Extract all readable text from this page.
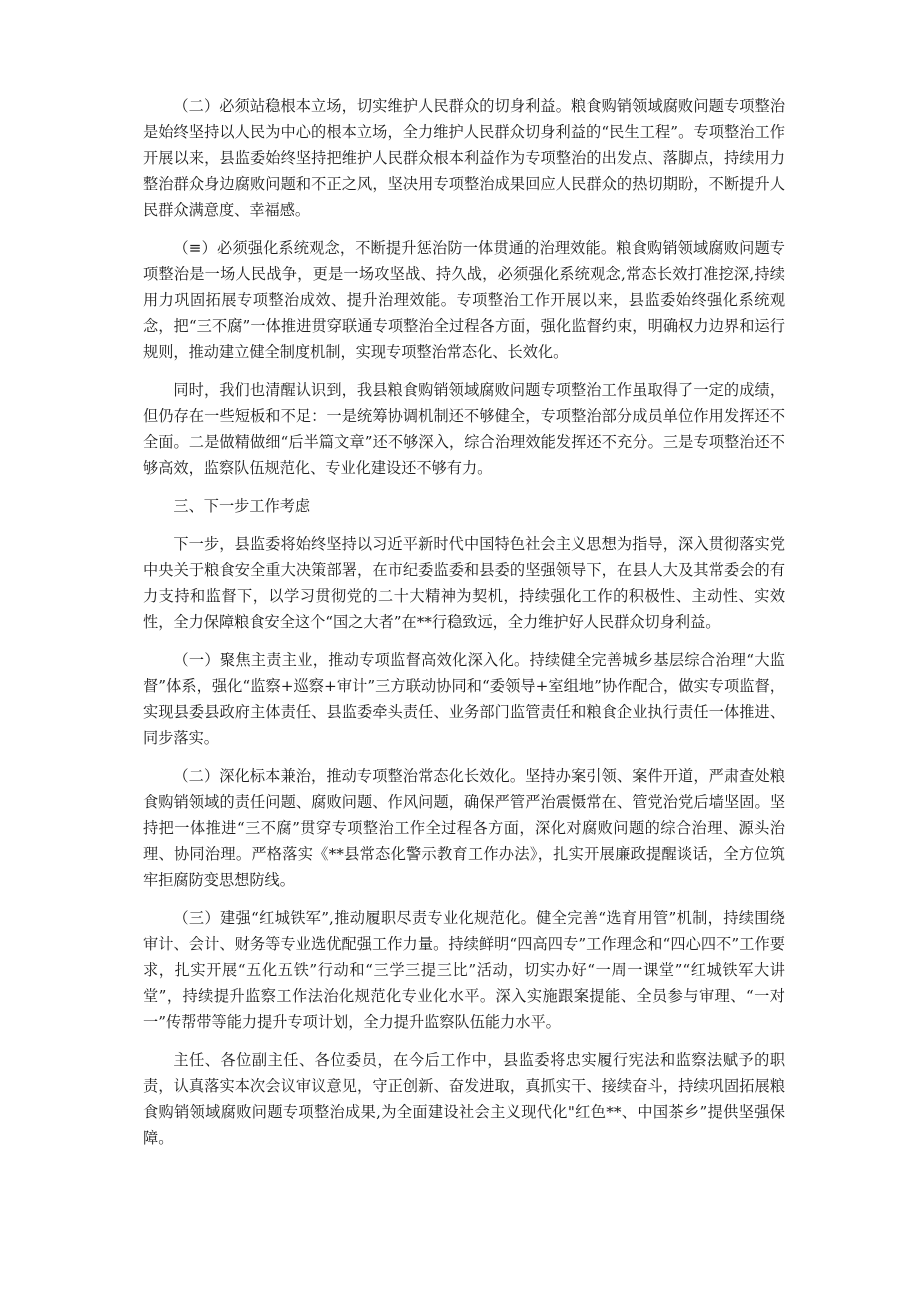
（二）必须站稳根本立场，切实维护人民群众的切身利益。粮食购销领域腐败问题专项整治是始终坚持以人民为中心的根本立场，全力维护人民群众切身利益的“民生工程”。专项整治工作开展以来，县监委始终坚持把维护人民群众根本利益作为专项整治的出发点、落脚点，持续用力整治群众身边腐败问题和不正之风，坚决用专项整治成果回应人民群众的热切期盼，不断提升人民群众满意度、幸福感。

（≡）必须强化系统观念，不断提升惩治防一体贯通的治理效能。粮食购销领域腐败问题专项整治是一场人民战争，更是一场攻坚战、持久战，必须强化系统观念,常态长效打准挖深,持续用力巩固拓展专项整治成效、提升治理效能。专项整治工作开展以来，县监委始终强化系统观念，把“三不腐”一体推进贯穿联通专项整治全过程各方面，强化监督约束，明确权力边界和运行规则，推动建立健全制度机制，实现专项整治常态化、长效化。

同时，我们也清醒认识到，我县粮食购销领域腐败问题专项整治工作虽取得了一定的成绩，但仍存在一些短板和不足：一是统筹协调机制还不够健全，专项整治部分成员单位作用发挥还不全面。二是做精做细“后半篇文章”还不够深入，综合治理效能发挥还不充分。三是专项整治还不够高效，监察队伍规范化、专业化建设还不够有力。

三、下一步工作考虑

下一步，县监委将始终坚持以习近平新时代中国特色社会主义思想为指导，深入贯彻落实党中央关于粮食安全重大决策部署，在市纪委监委和县委的坚强领导下，在县人大及其常委会的有力支持和监督下，以学习贯彻党的二十大精神为契机，持续强化工作的积极性、主动性、实效性，全力保障粮食安全这个“国之大者”在**行稳致远，全力维护好人民群众切身利益。

（一）聚焦主责主业，推动专项监督高效化深入化。持续健全完善城乡基层综合治理“大监督”体系，强化“监察+巡察+审计”三方联动协同和“委领导+室组地”协作配合，做实专项监督，实现县委县政府主体责任、县监委牵头责任、业务部门监管责任和粮食企业执行责任一体推进、同步落实。

（二）深化标本兼治，推动专项整治常态化长效化。坚持办案引领、案件开道，严肃查处粮食购销领域的责任问题、腐败问题、作风问题，确保严管严治震慑常在、管党治党后墙坚固。坚持把一体推进“三不腐”贯穿专项整治工作全过程各方面，深化对腐败问题的综合治理、源头治理、协同治理。严格落实《**县常态化警示教育工作办法》，扎实开展廉政提醒谈话，全方位筑牢拒腐防变思想防线。

（三）建强“红城铁军”,推动履职尽责专业化规范化。健全完善“选育用管”机制，持续围绕审计、会计、财务等专业选优配强工作力量。持续鲜明“四高四专”工作理念和“四心四不”工作要求，扎实开展“五化五铁”行动和“三学三提三比”活动，切实办好“一周一课堂”“红城铁军大讲堂”，持续提升监察工作法治化规范化专业化水平。深入实施跟案提能、全员参与审理、“一对一”传帮带等能力提升专项计划，全力提升监察队伍能力水平。

主任、各位副主任、各位委员，在今后工作中，县监委将忠实履行宪法和监察法赋予的职责，认真落实本次会议审议意见，守正创新、奋发进取，真抓实干、接续奋斗，持续巩固拓展粮食购销领域腐败问题专项整治成果,为全面建设社会主义现代化"红色**、中国茶乡”提供坚强保障。
